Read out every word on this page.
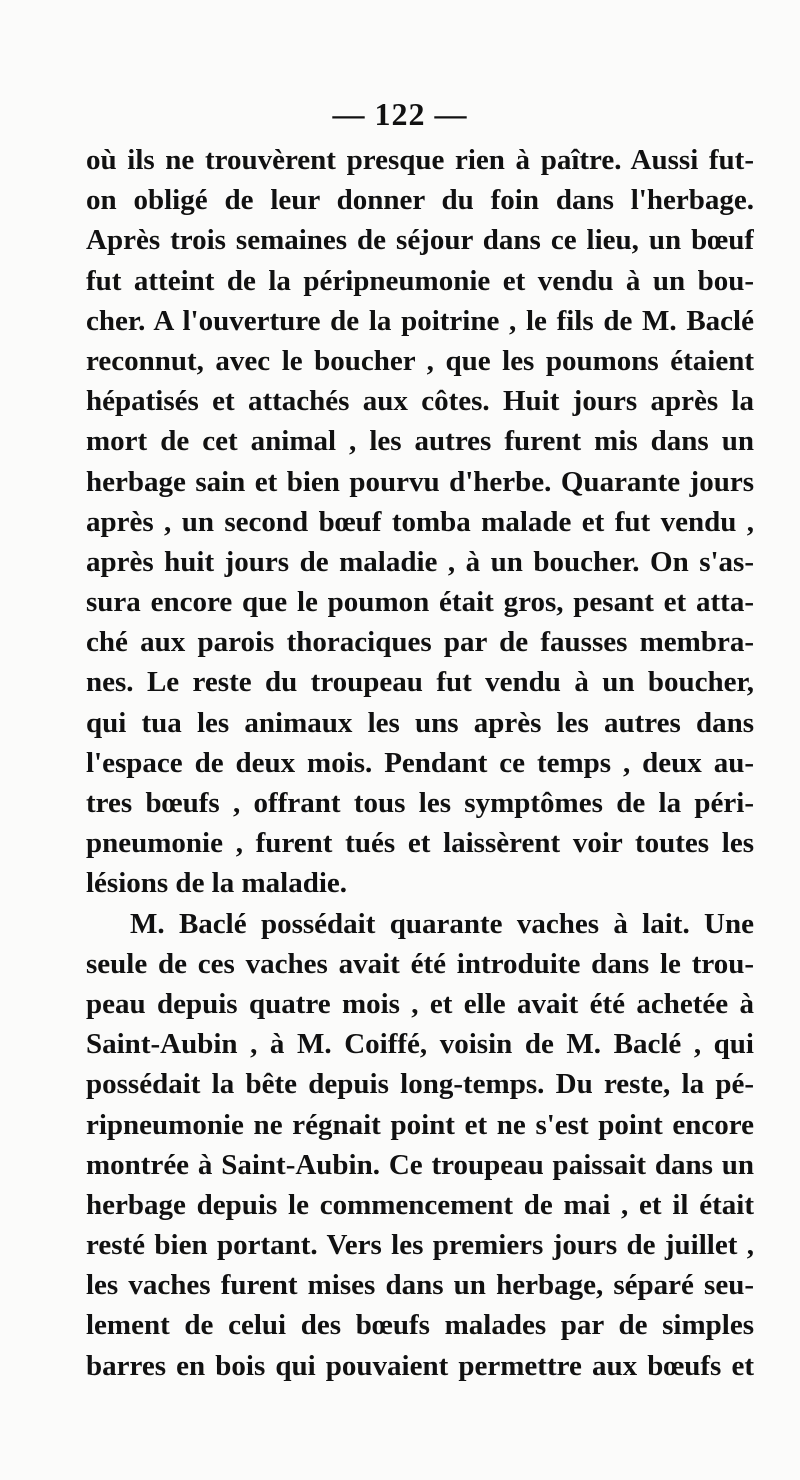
— 122 —
où ils ne trouvèrent presque rien à paître. Aussi fut-
on obligé de leur donner du foin dans l'herbage.
Après trois semaines de séjour dans ce lieu, un bœuf
fut atteint de la péripneumonie et vendu à un bou-
cher. A l'ouverture de la poitrine , le fils de M. Baclé
reconnut, avec le boucher , que les poumons étaient
hépatisés et attachés aux côtes. Huit jours après la
mort de cet animal , les autres furent mis dans un
herbage sain et bien pourvu d'herbe. Quarante jours
après , un second bœuf tomba malade et fut vendu ,
après huit jours de maladie , à un boucher. On s'as-
sura encore que le poumon était gros, pesant et atta-
ché aux parois thoraciques par de fausses membra-
nes. Le reste du troupeau fut vendu à un boucher,
qui tua les animaux les uns après les autres dans
l'espace de deux mois. Pendant ce temps , deux au-
tres bœufs , offrant tous les symptômes de la péri-
pneumonie , furent tués et laissèrent voir toutes les
lésions de la maladie.
M. Baclé possédait quarante vaches à lait. Une
seule de ces vaches avait été introduite dans le trou-
peau depuis quatre mois , et elle avait été achetée à
Saint-Aubin , à M. Coiffé, voisin de M. Baclé , qui
possédait la bête depuis long-temps. Du reste, la pé-
ripneumonie ne régnait point et ne s'est point encore
montrée à Saint-Aubin. Ce troupeau paissait dans un
herbage depuis le commencement de mai , et il était
resté bien portant. Vers les premiers jours de juillet ,
les vaches furent mises dans un herbage, séparé seu-
lement de celui des bœufs malades par de simples
barres en bois qui pouvaient permettre aux bœufs et
